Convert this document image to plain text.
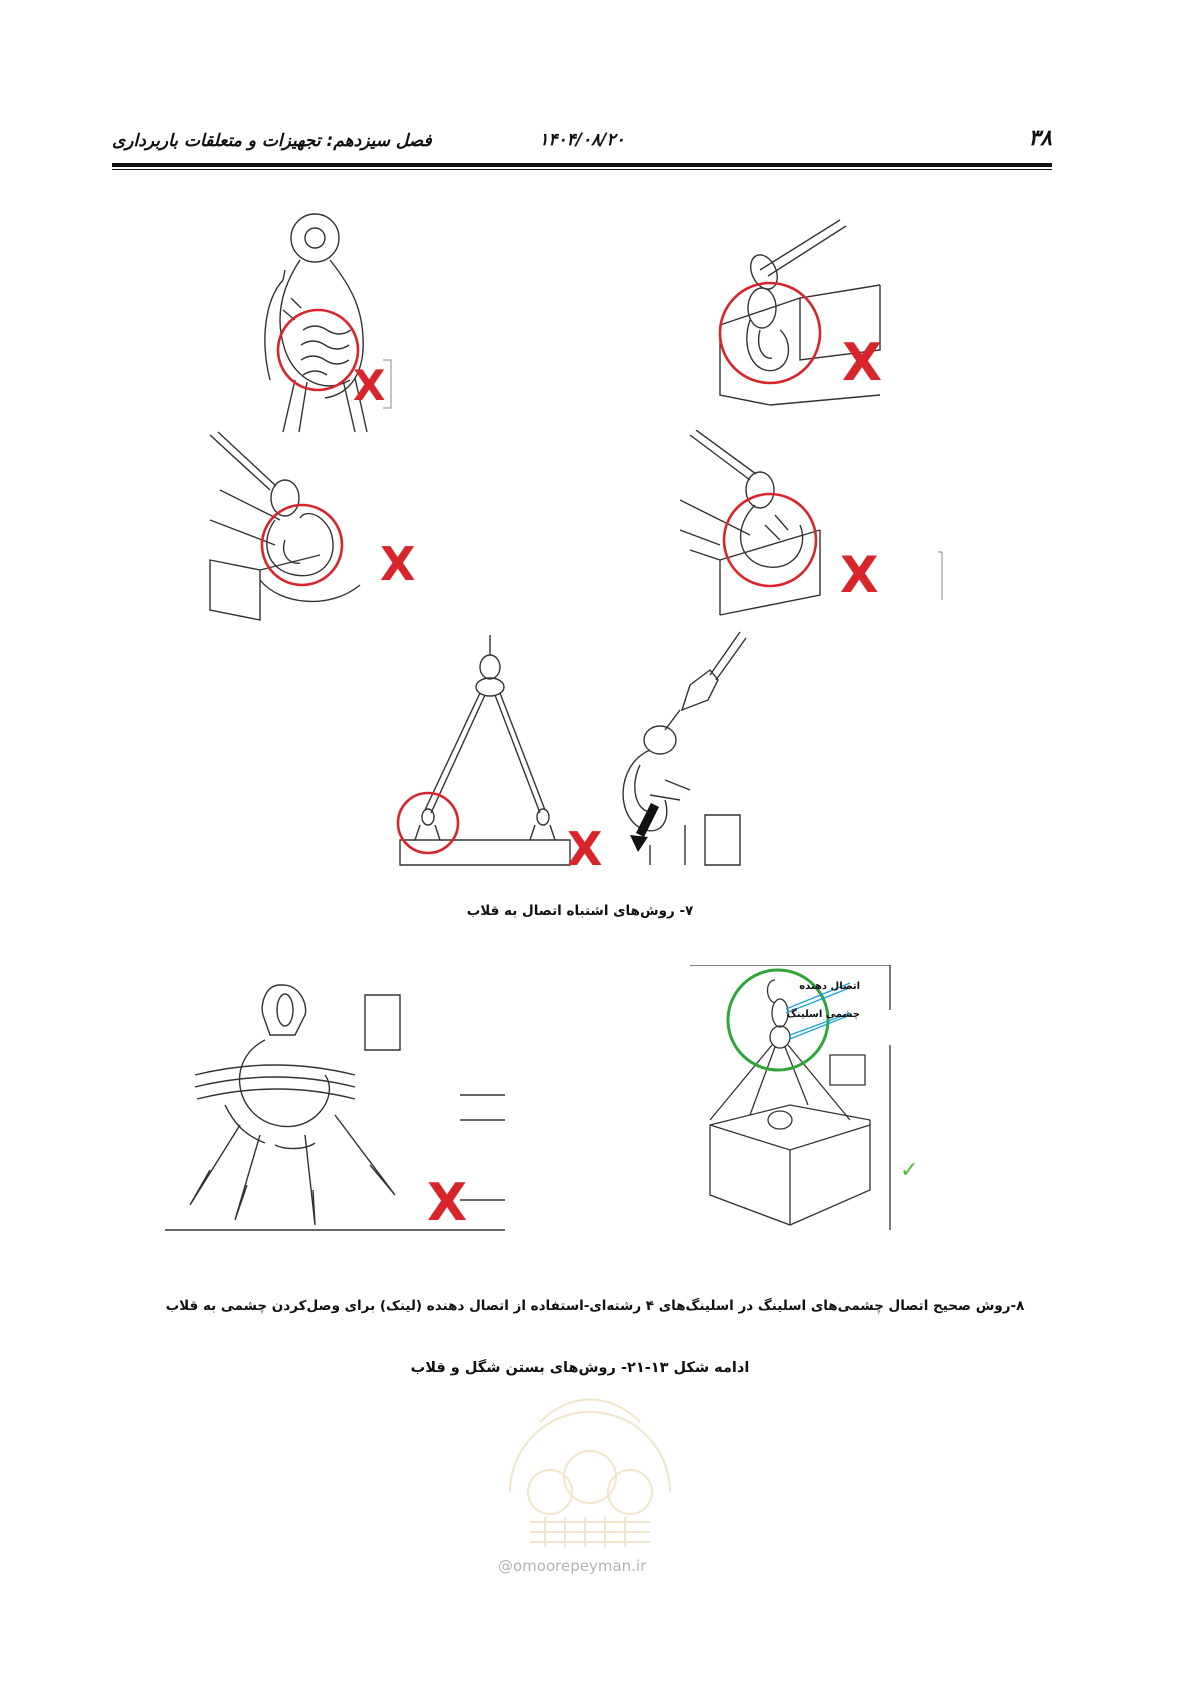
۳۸
۱۴۰۴/۰۸/۲۰
فصل سیزدهم: تجهیزات و متعلقات باربرداری
X	X
X	X
X
۷- روش‌های اشتباه اتصال به قلاب
X
اتصال دهنده
چشمی اسلینگ
✓
۸-روش صحیح اتصال چشمی‌های اسلینگ در اسلینگ‌های ۴ رشته‌ای-استفاده از اتصال دهنده (لینک) برای وصل‌کردن چشمی به قلاب
ادامه شکل ۱۳-۲۱- روش‌های بستن شگل و قلاب
@omoorepeyman.ir
